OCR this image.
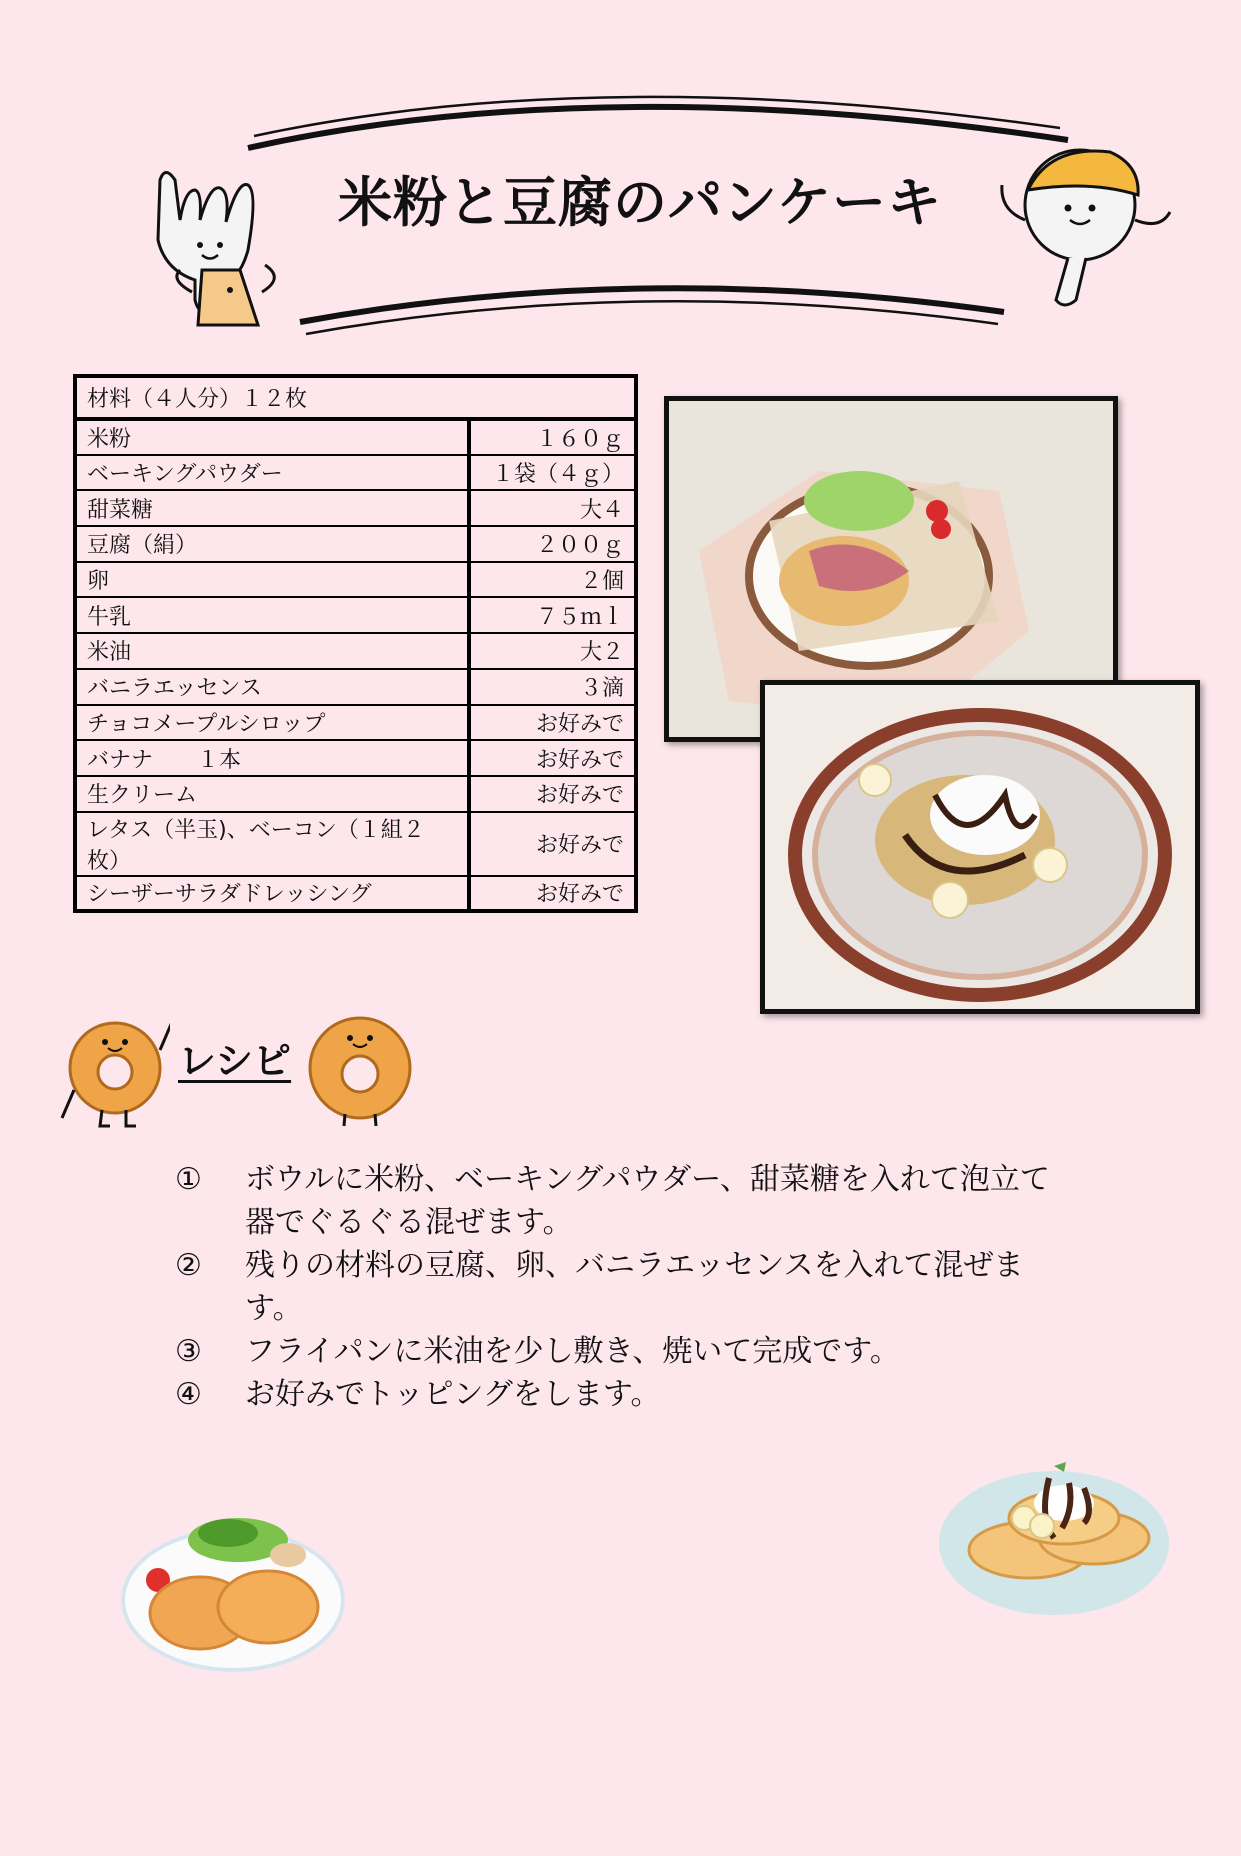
米粉と豆腐のパンケーキ
材料（４人分）１２枚	
米粉	１６０ｇ
ベーキングパウダー	１袋（４ｇ）
甜菜糖	大４
豆腐（絹）	２００ｇ
卵	２個
牛乳	７５ｍｌ
米油	大２
バニラエッセンス	３滴
チョコメープルシロップ	お好みで
バナナ　　１本	お好みで
生クリーム	お好みで
レタス（半玉)、ベーコン（１組２枚）	お好みで
シーザーサラダドレッシング	お好みで
レシピ
①	ボウルに米粉、ベーキングパウダー、甜菜糖を入れて泡立て器でぐるぐる混ぜます。
②	残りの材料の豆腐、卵、バニラエッセンスを入れて混ぜます。
③	フライパンに米油を少し敷き、焼いて完成です。
④	お好みでトッピングをします。
